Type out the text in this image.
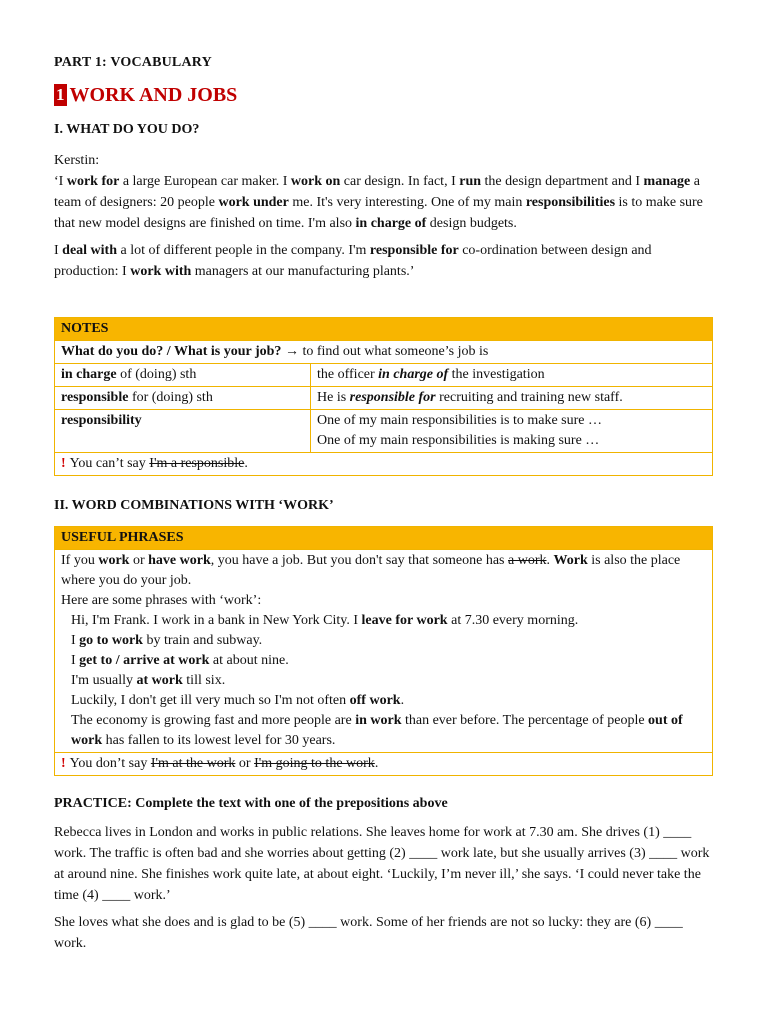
PART 1: VOCABULARY
1 WORK AND JOBS
I. WHAT DO YOU DO?

Kerstin:

‘I work for a large European car maker. I work on car design. In fact, I run the design department and I manage a team of designers: 20 people work under me. It's very interesting. One of my main responsibilities is to make sure that new model designs are finished on time. I'm also in charge of design budgets.

I deal with a lot of different people in the company. I'm responsible for co-ordination between design and production: I work with managers at our manufacturing plants.’

NOTES	
What do you do? / What is your job? → to find out what someone’s job is	
in charge of (doing) sth	the officer in charge of the investigation
responsible for (doing) sth	He is responsible for recruiting and training new staff.
responsibility	One of my main responsibilities is to make sure …
One of my main responsibilities is making sure …

! You can’t say I'm a responsible.	
II. WORD COMBINATIONS WITH ‘WORK’
USEFUL PHRASES

If you work or have work, you have a job. But you don't say that someone has a work. Work is also the place where you do your job.
Here are some phrases with ‘work’:
Hi, I'm Frank. I work in a bank in New York City. I leave for work at 7.30 every morning.
I go to work by train and subway.
I get to / arrive at work at about nine.
I'm usually at work till six.
Luckily, I don't get ill very much so I'm not often off work.
The economy is growing fast and more people are in work than ever before. The percentage of people out of work has fallen to its lowest level for 30 years.

! You don’t say I'm at the work or I'm going to the work.
PRACTICE: Complete the text with one of the prepositions above

Rebecca lives in London and works in public relations. She leaves home for work at 7.30 am. She drives (1) ____ work. The traffic is often bad and she worries about getting (2) ____ work late, but she usually arrives (3) ____ work at around nine. She finishes work quite late, at about eight. ‘Luckily, I’m never ill,’ she says. ‘I could never take the time (4) ____ work.’

She loves what she does and is glad to be (5) ____ work. Some of her friends are not so lucky: they are (6) ____ work.
